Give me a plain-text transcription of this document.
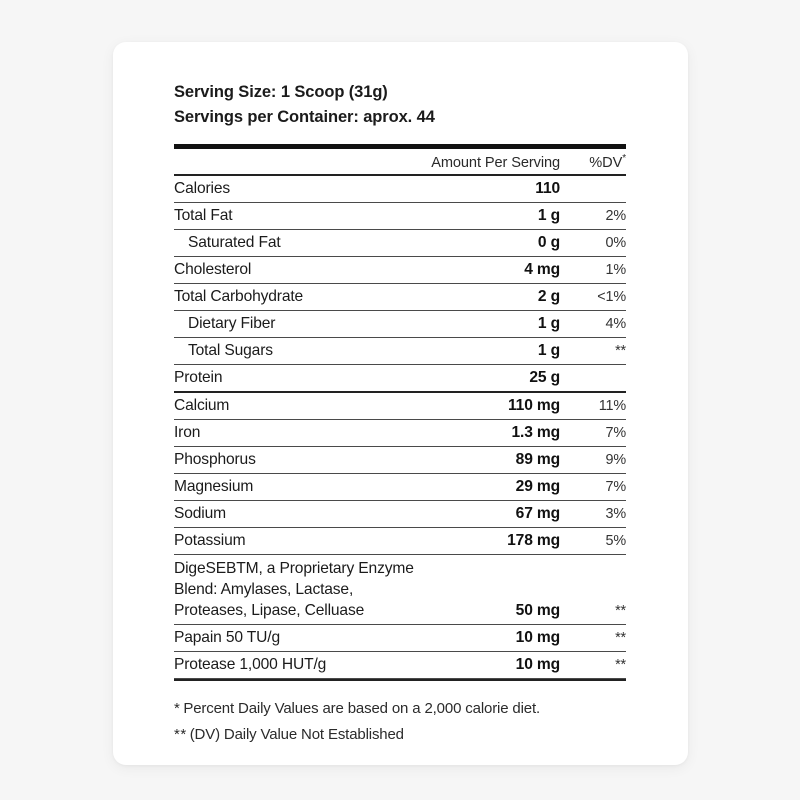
Serving Size: 1 Scoop (31g)
Servings per Container: aprox. 44

	Amount Per Serving	%DV*

Calories	110	
Total Fat	1 g	2%
Saturated Fat	0 g	0%
Cholesterol	4 mg	1%
Total Carbohydrate	2 g	<1%
Dietary Fiber	1 g	4%
Total Sugars	1 g	**
Protein	25 g	
Calcium	110 mg	11%
Iron	1.3 mg	7%
Phosphorus	89 mg	9%
Magnesium	29 mg	7%
Sodium	67 mg	3%
Potassium	178 mg	5%
DigeSEBTM, a Proprietary Enzyme Blend: Amylases, Lactase, Proteases, Lipase, Celluase	50 mg	**
Papain 50 TU/g	10 mg	**
Protease 1,000 HUT/g	10 mg	**

* Percent Daily Values are based on a 2,000 calorie diet.
** (DV) Daily Value Not Established
